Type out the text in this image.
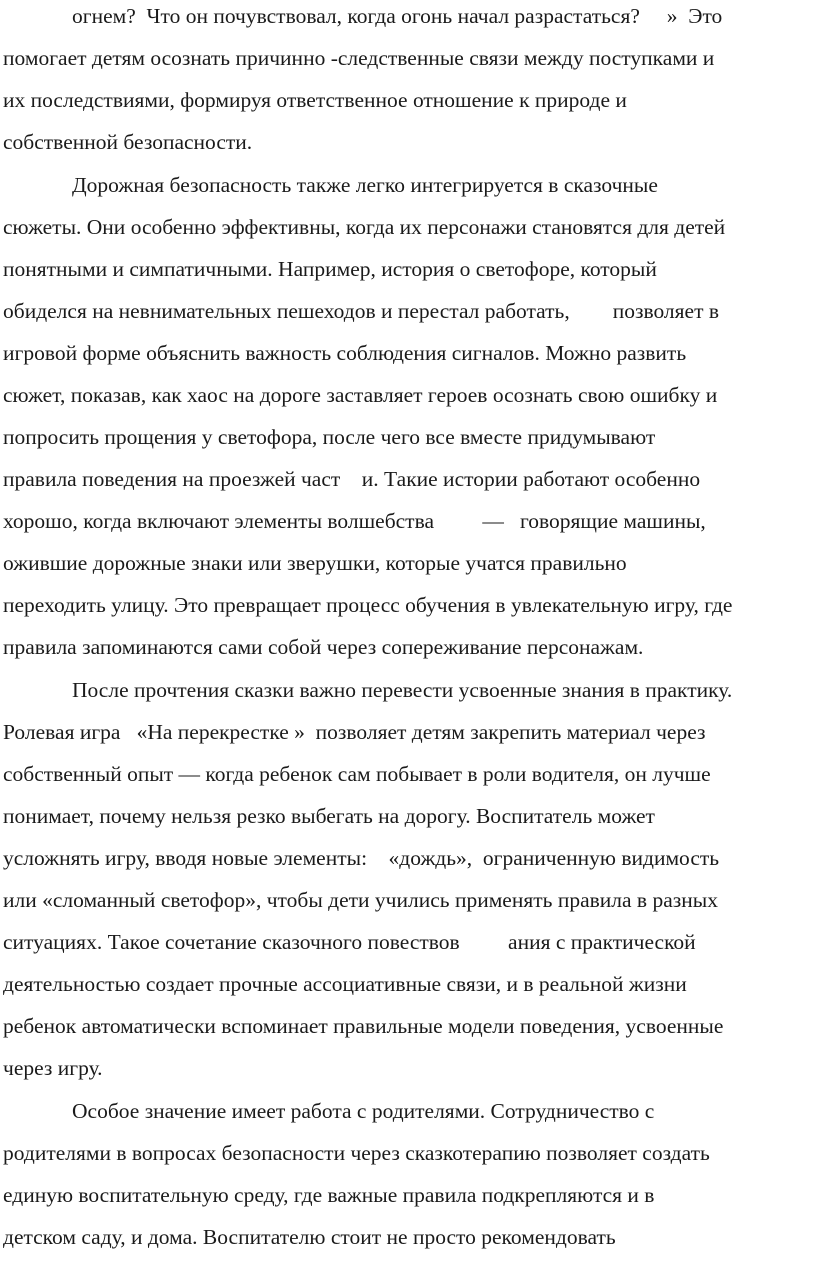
огнем?  Что он почувствовал, когда огонь начал разрастаться?     »  Это
помогает детям осознать причинно -следственные связи между поступками и
их последствиями, формируя ответственное отношение к природе и
собственной безопасности.
Дорожная безопасность также легко интегрируется в сказочные
сюжеты. Они особенно эффективны, когда их персонажи становятся для детей
понятными и симпатичными. Например, история о светофоре, который
обиделся на невнимательных пешеходов и перестал работать,        позволяет в
игровой форме объяснить важность соблюдения сигналов. Можно развить
сюжет, показав, как хаос на дороге заставляет героев осознать свою ошибку и
попросить прощения у светофора, после чего все вместе придумывают
правила поведения на проезжей част    и. Такие истории работают особенно
хорошо, когда включают элементы волшебства         —   говорящие машины,
ожившие дорожные знаки или зверушки, которые учатся правильно
переходить улицу. Это превращает процесс обучения в увлекательную игру, где
правила запоминаются сами собой через сопереживание персонажам.
После прочтения сказки важно перевести усвоенные знания в практику.
Ролевая игра   «На перекрестке »  позволяет детям закрепить материал через
собственный опыт — когда ребенок сам побывает в роли водителя, он лучше
понимает, почему нельзя резко выбегать на дорогу. Воспитатель может
усложнять игру, вводя новые элементы:    «дождь»,  ограниченную видимость
или «сломанный светофор», чтобы дети учились применять правила в разных
ситуациях. Такое сочетание сказочного повествов         ания с практической
деятельностью создает прочные ассоциативные связи, и в реальной жизни
ребенок автоматически вспоминает правильные модели поведения, усвоенные
через игру.
Особое значение имеет работа с родителями. Сотрудничество с
родителями в вопросах безопасности через сказкотерапию позволяет создать
единую воспитательную среду, где важные правила подкрепляются и в
детском саду, и дома. Воспитателю стоит не просто рекомендовать
